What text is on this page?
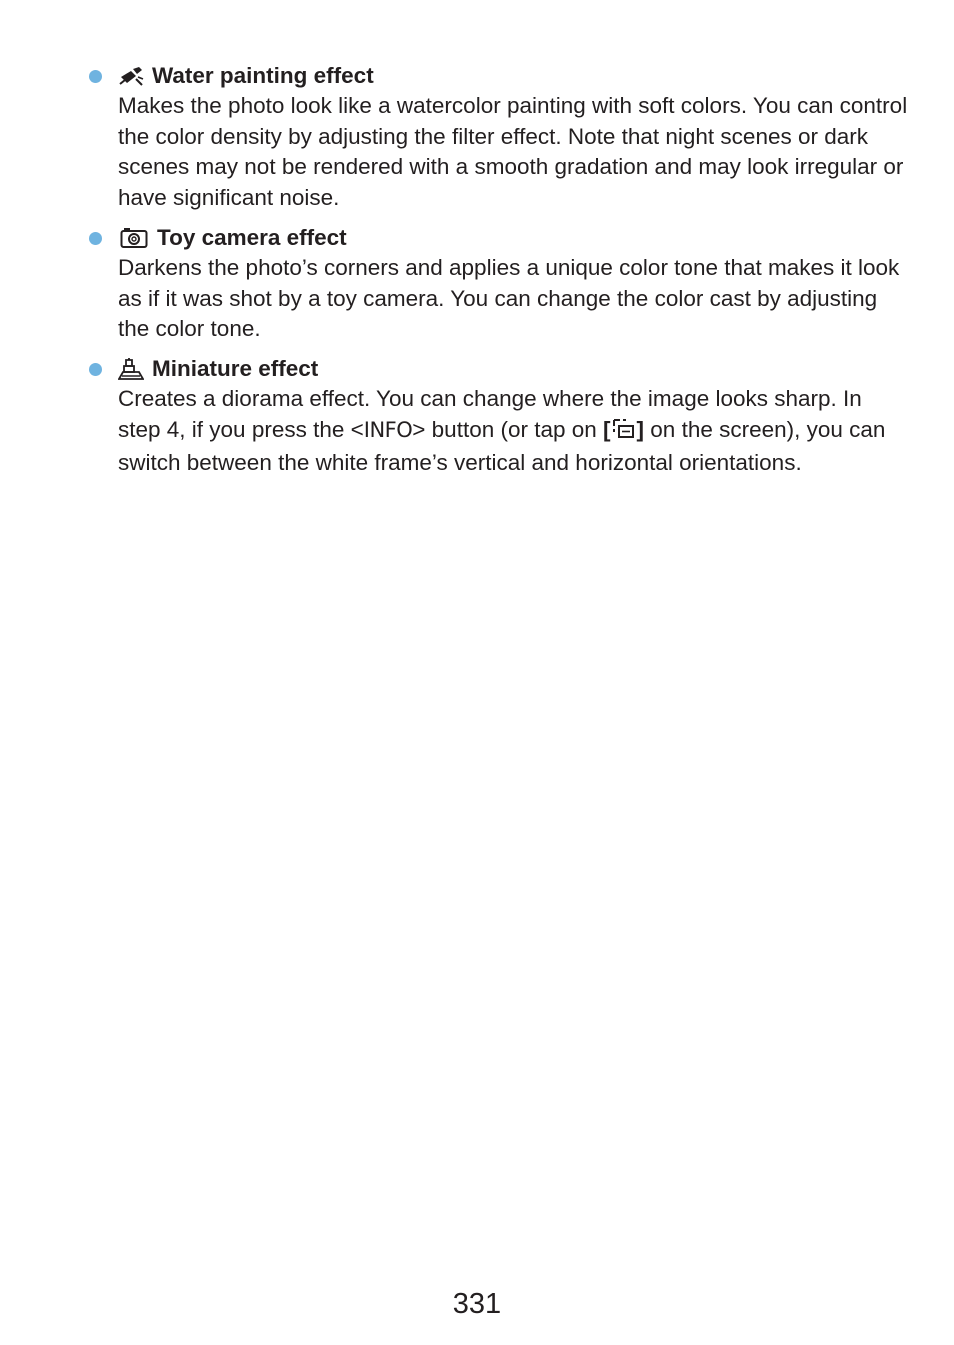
Water painting effect
Makes the photo look like a watercolor painting with soft colors. You can control the color density by adjusting the filter effect. Note that night scenes or dark scenes may not be rendered with a smooth gradation and may look irregular or have significant noise.
Toy camera effect
Darkens the photo’s corners and applies a unique color tone that makes it look as if it was shot by a toy camera. You can change the color cast by adjusting the color tone.
Miniature effect
Creates a diorama effect. You can change where the image looks sharp. In step 4, if you press the <INFO> button (or tap on [ ] on the screen), you can switch between the white frame’s vertical and horizontal orientations.
331
